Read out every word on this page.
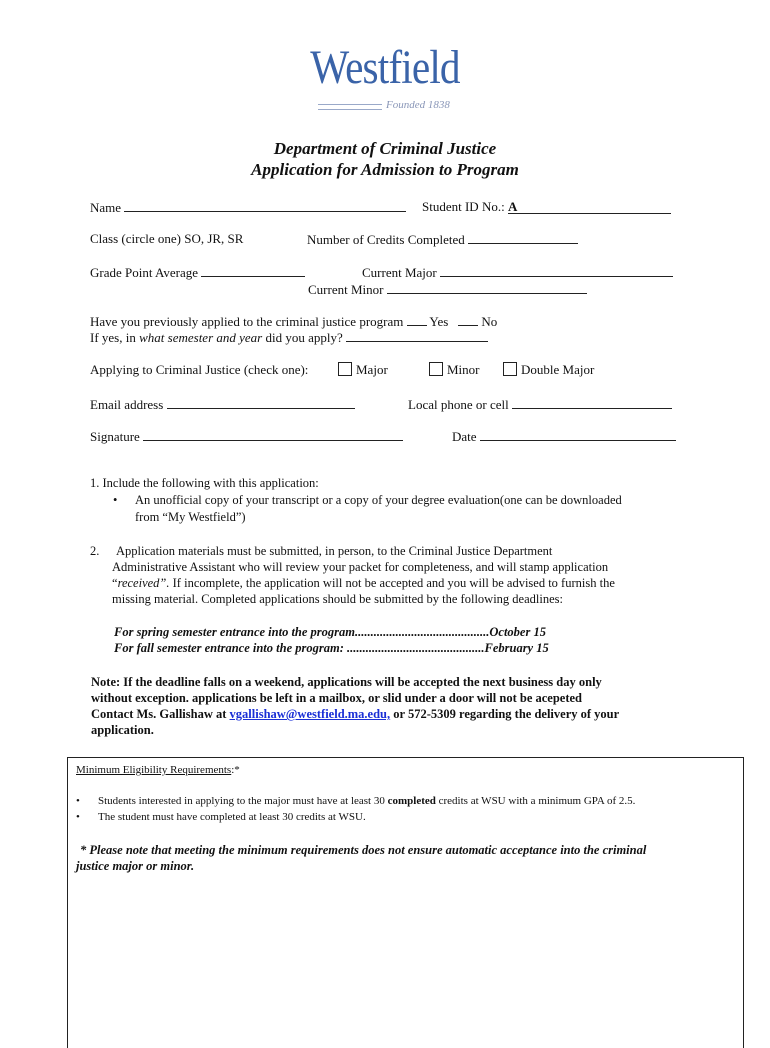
Westfield
Founded 1838
Department of Criminal Justice
Application for Admission to Program
Name	Student ID No.: A
Class (circle one) SO, JR, SR	Number of Credits Completed
Grade Point Average	Current Major
Current Minor
Have you previously applied to the criminal justice program Yes	No
If yes, in what semester and year did you apply?
Applying to Criminal Justice (check one):	Major	Minor	Double Major
Email address	Local phone or cell
Signature	Date
1. Include the following with this application:
• An unofficial copy of your transcript or a copy of your degree evaluation(one can be downloaded
from “My Westfield”)
2. Application materials must be submitted, in person, to the Criminal Justice Department
Administrative Assistant who will review your packet for completeness, and will stamp application
“received”. If incomplete, the application will not be accepted and you will be advised to furnish the
missing material. Completed applications should be submitted by the following deadlines:
For spring semester entrance into the program...........................................October 15
For fall semester entrance into the program: ............................................February 15
Note: If the deadline falls on a weekend, applications will be accepted the next business day only
without exception. applications be left in a mailbox, or slid under a door will not be acepeted
Contact Ms. Gallishaw at vgallishaw@westfield.ma.edu, or 572-5309 regarding the delivery of your
application.
Minimum Eligibility Requirements:*
• Students interested in applying to the major must have at least 30 completed credits at WSU with a minimum GPA of 2.5.
• The student must have completed at least 30 credits at WSU.
* Please note that meeting the minimum requirements does not ensure automatic acceptance into the criminal
justice major or minor.
